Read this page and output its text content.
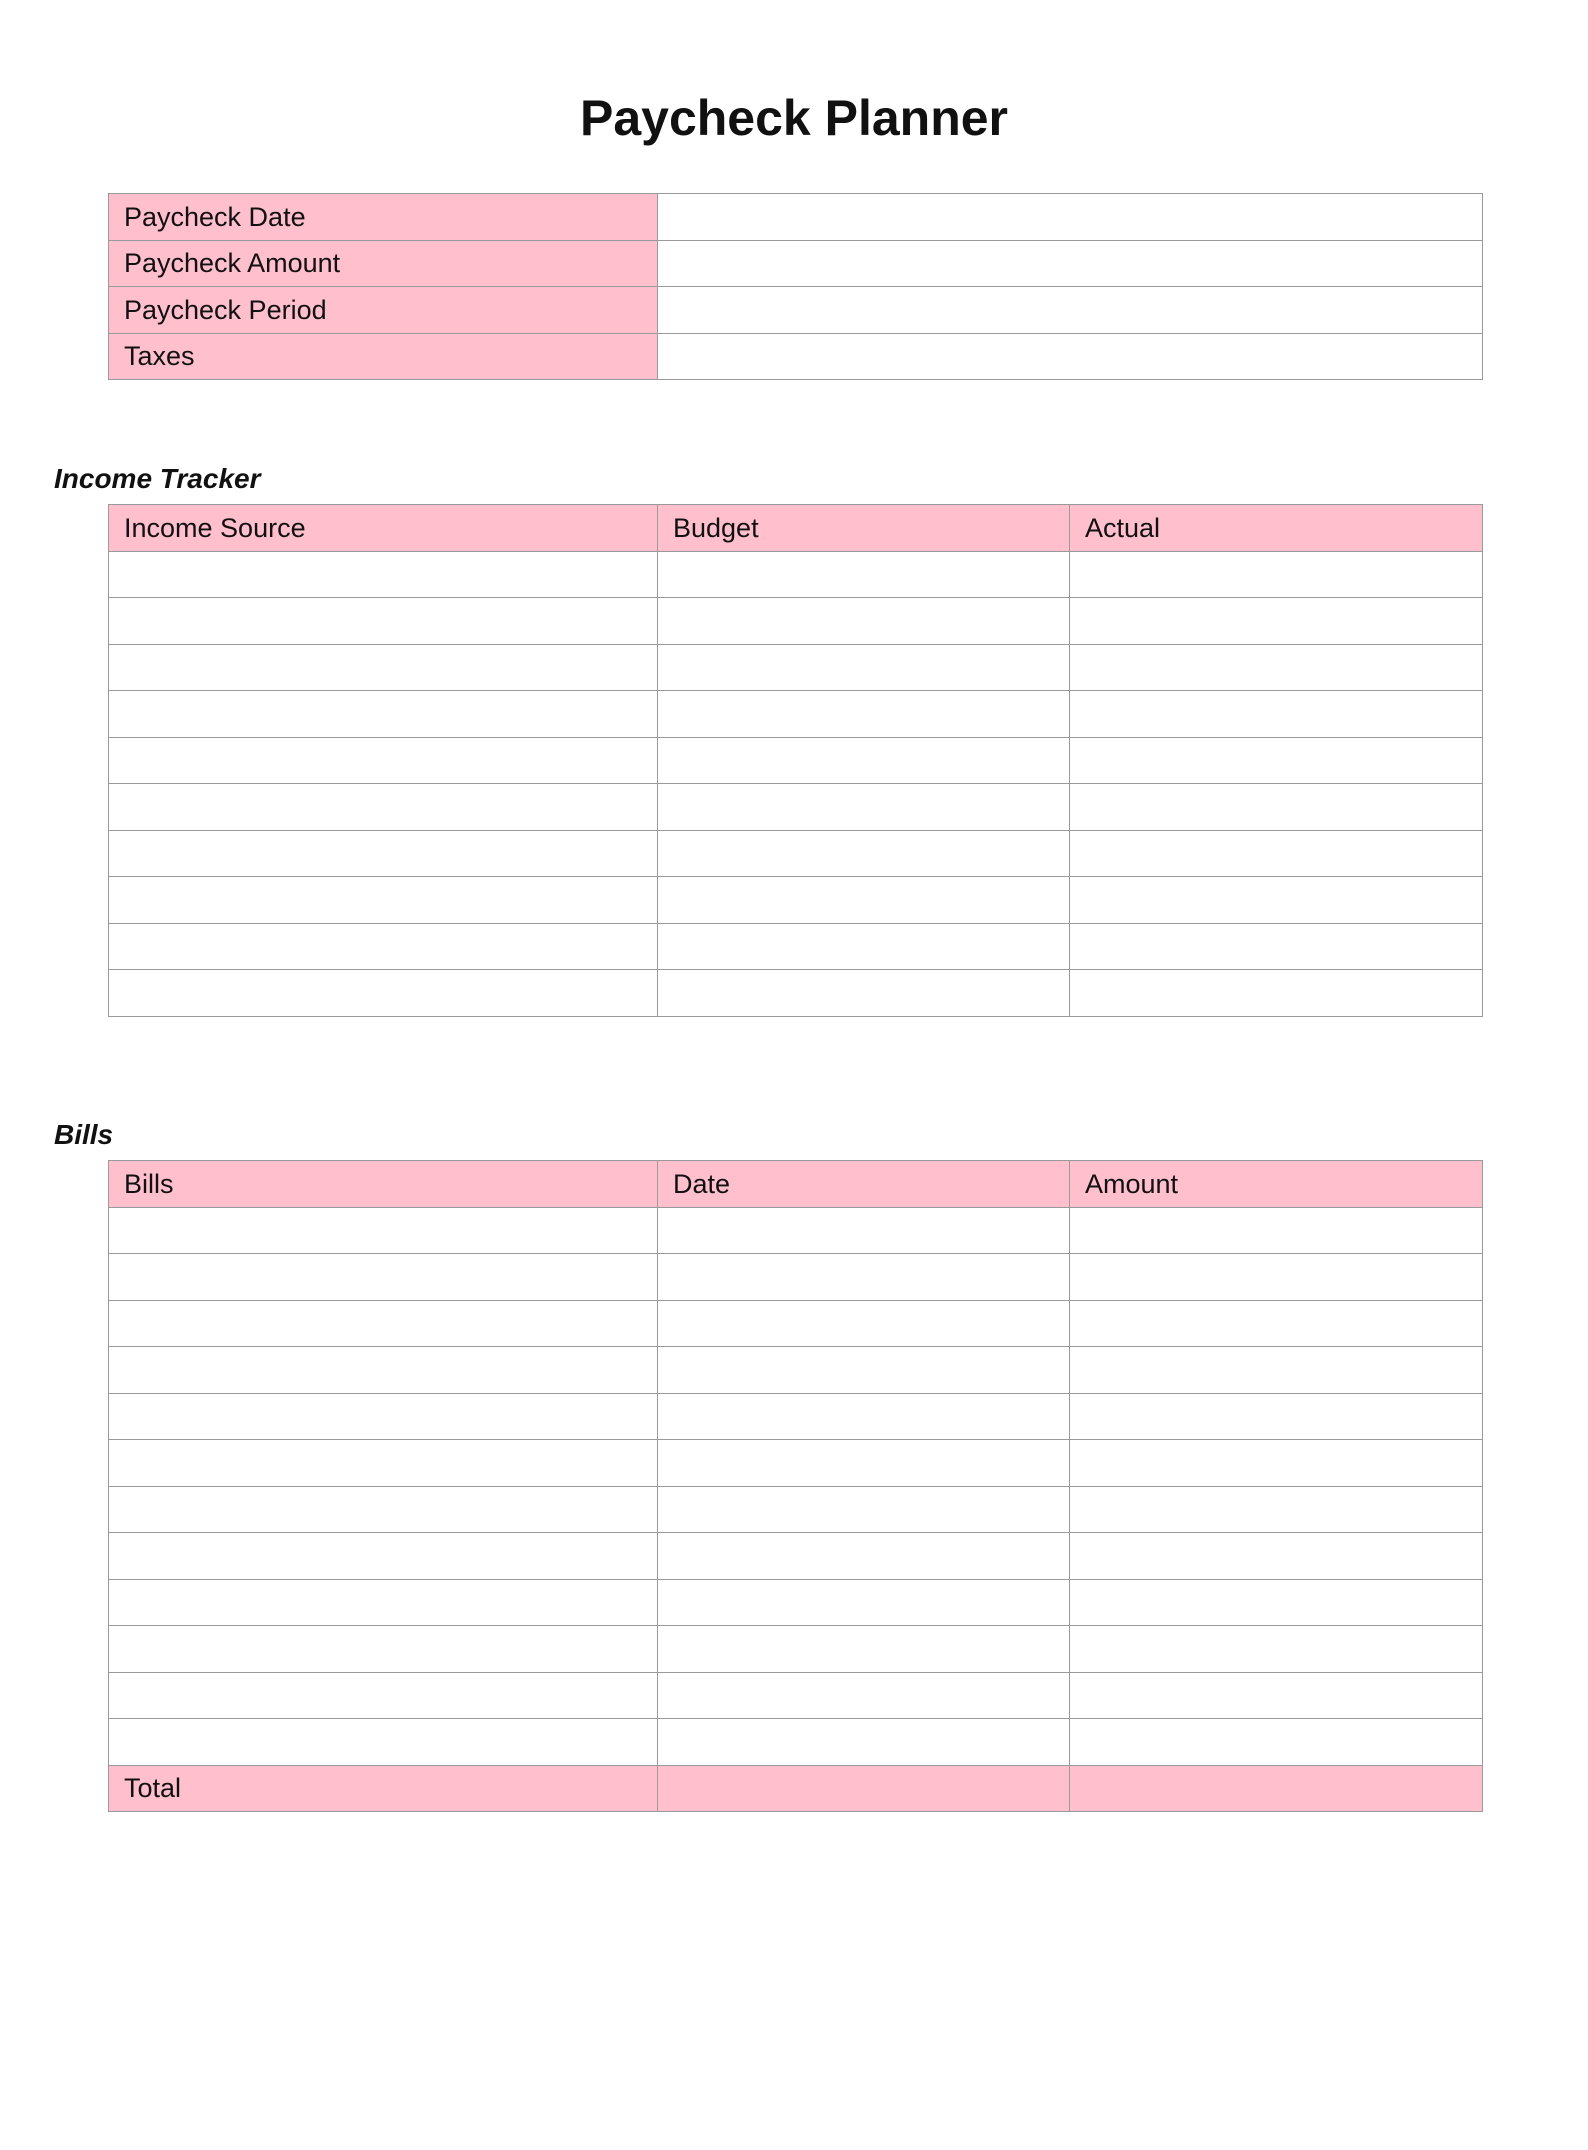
Paycheck Planner
Paycheck Date	
Paycheck Amount	
Paycheck Period	
Taxes	
Income Tracker
Income Source	Budget	Actual

Bills
Bills	Date	Amount

Total		
